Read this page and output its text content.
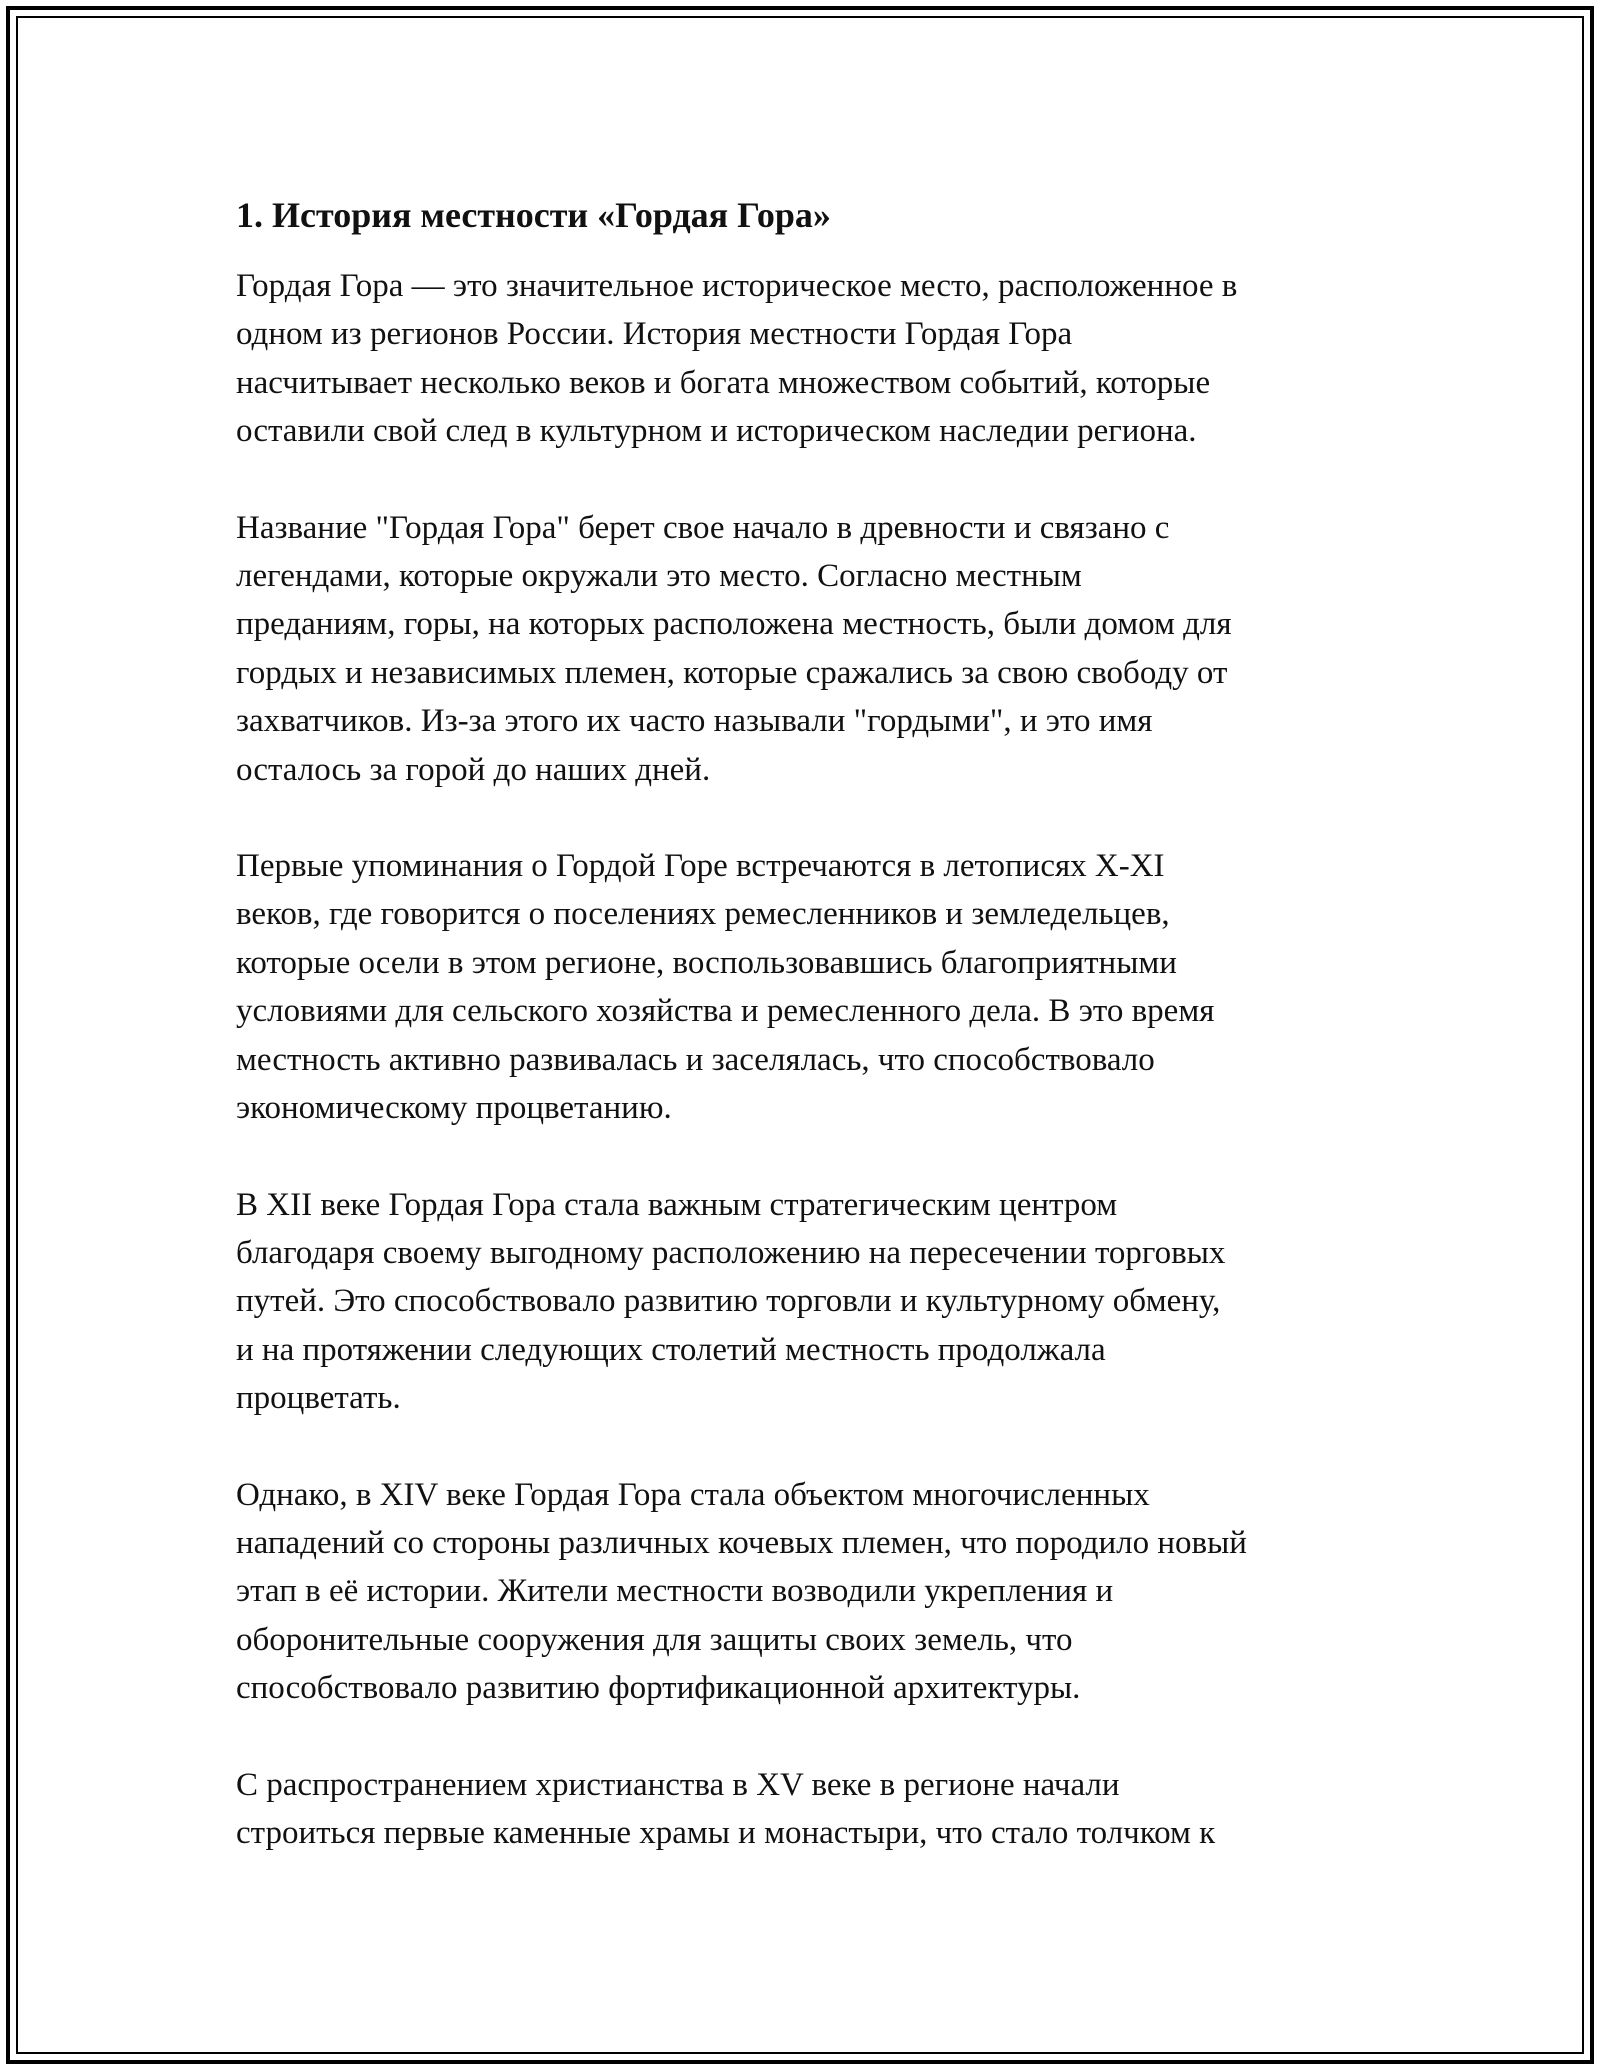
1. История местности «Гордая Гора»

Гордая Гора — это значительное историческое место, расположенное в
одном из регионов России. История местности Гордая Гора
насчитывает несколько веков и богата множеством событий, которые
оставили свой след в культурном и историческом наследии региона.

Название "Гордая Гора" берет свое начало в древности и связано с
легендами, которые окружали это место. Согласно местным
преданиям, горы, на которых расположена местность, были домом для
гордых и независимых племен, которые сражались за свою свободу от
захватчиков. Из-за этого их часто называли "гордыми", и это имя
осталось за горой до наших дней.

Первые упоминания о Гордой Горе встречаются в летописях X-XI
веков, где говорится о поселениях ремесленников и земледельцев,
которые осели в этом регионе, воспользовавшись благоприятными
условиями для сельского хозяйства и ремесленного дела. В это время
местность активно развивалась и заселялась, что способствовало
экономическому процветанию.

В XII веке Гордая Гора стала важным стратегическим центром
благодаря своему выгодному расположению на пересечении торговых
путей. Это способствовало развитию торговли и культурному обмену,
и на протяжении следующих столетий местность продолжала
процветать.

Однако, в XIV веке Гордая Гора стала объектом многочисленных
нападений со стороны различных кочевых племен, что породило новый
этап в её истории. Жители местности возводили укрепления и
оборонительные сооружения для защиты своих земель, что
способствовало развитию фортификационной архитектуры.

С распространением христианства в XV веке в регионе начали
строиться первые каменные храмы и монастыри, что стало толчком к
